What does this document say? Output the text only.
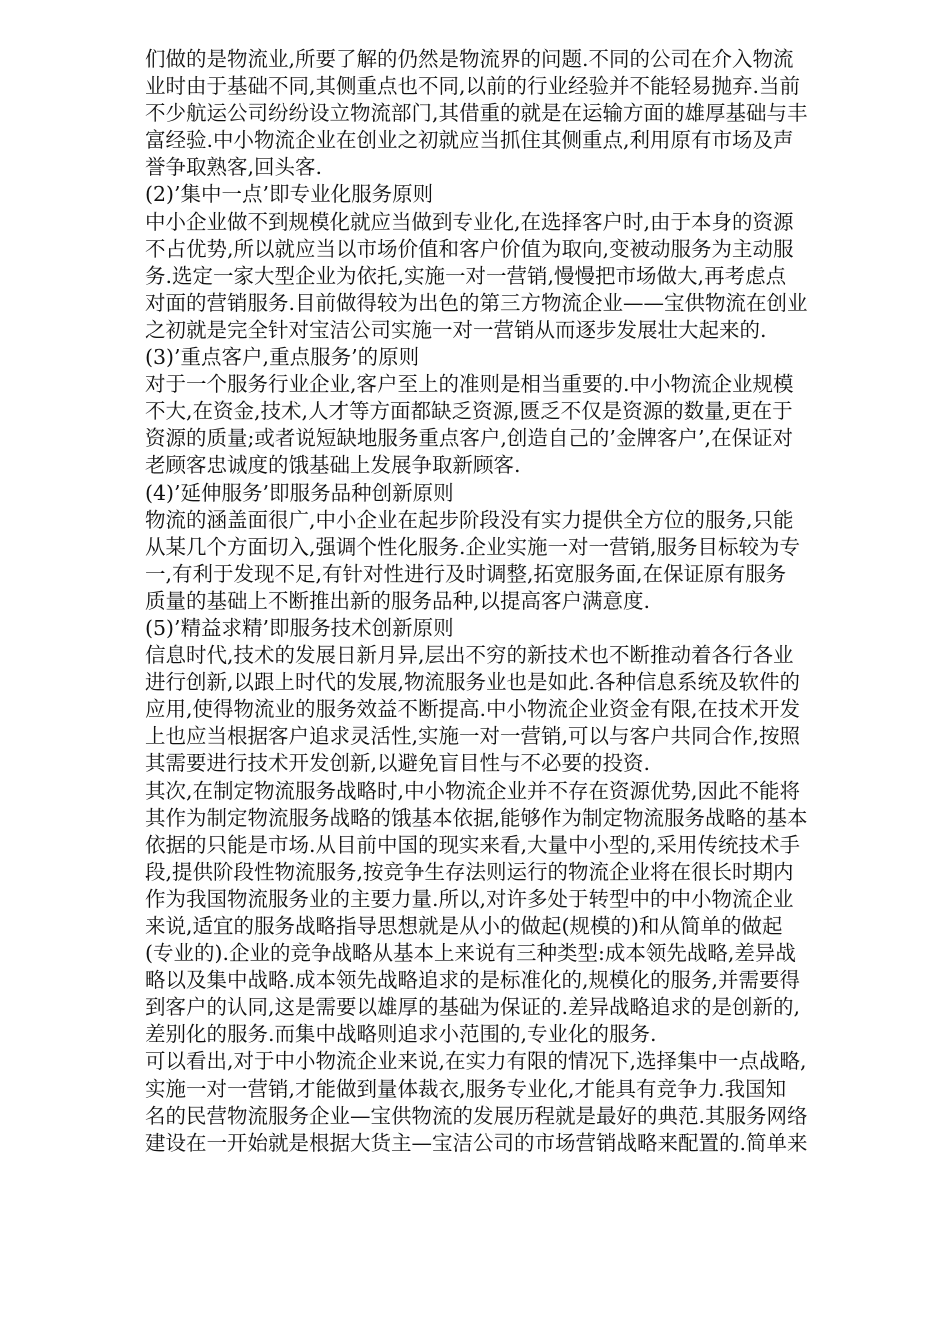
们做的是物流业,所要了解的仍然是物流界的问题.不同的公司在介入物流
业时由于基础不同,其侧重点也不同,以前的行业经验并不能轻易抛弃.当前
不少航运公司纷纷设立物流部门,其借重的就是在运输方面的雄厚基础与丰
富经验.中小物流企业在创业之初就应当抓住其侧重点,利用原有市场及声
誉争取熟客,回头客.
(2)’集中一点’即专业化服务原则
中小企业做不到规模化就应当做到专业化,在选择客户时,由于本身的资源
不占优势,所以就应当以市场价值和客户价值为取向,变被动服务为主动服
务.选定一家大型企业为依托,实施一对一营销,慢慢把市场做大,再考虑点
对面的营销服务.目前做得较为出色的第三方物流企业——宝供物流在创业
之初就是完全针对宝洁公司实施一对一营销从而逐步发展壮大起来的.
(3)’重点客户,重点服务’的原则
对于一个服务行业企业,客户至上的准则是相当重要的.中小物流企业规模
不大,在资金,技术,人才等方面都缺乏资源,匮乏不仅是资源的数量,更在于
资源的质量;或者说短缺地服务重点客户,创造自己的’金牌客户’,在保证对
老顾客忠诚度的饿基础上发展争取新顾客.
(4)’延伸服务’即服务品种创新原则
物流的涵盖面很广,中小企业在起步阶段没有实力提供全方位的服务,只能
从某几个方面切入,强调个性化服务.企业实施一对一营销,服务目标较为专
一,有利于发现不足,有针对性进行及时调整,拓宽服务面,在保证原有服务
质量的基础上不断推出新的服务品种,以提高客户满意度.
(5)’精益求精’即服务技术创新原则
信息时代,技术的发展日新月异,层出不穷的新技术也不断推动着各行各业
进行创新,以跟上时代的发展,物流服务业也是如此.各种信息系统及软件的
应用,使得物流业的服务效益不断提高.中小物流企业资金有限,在技术开发
上也应当根据客户追求灵活性,实施一对一营销,可以与客户共同合作,按照
其需要进行技术开发创新,以避免盲目性与不必要的投资.
其次,在制定物流服务战略时,中小物流企业并不存在资源优势,因此不能将
其作为制定物流服务战略的饿基本依据,能够作为制定物流服务战略的基本
依据的只能是市场.从目前中国的现实来看,大量中小型的,采用传统技术手
段,提供阶段性物流服务,按竞争生存法则运行的物流企业将在很长时期内
作为我国物流服务业的主要力量.所以,对许多处于转型中的中小物流企业
来说,适宜的服务战略指导思想就是从小的做起(规模的)和从简单的做起
(专业的).企业的竞争战略从基本上来说有三种类型:成本领先战略,差异战
略以及集中战略.成本领先战略追求的是标准化的,规模化的服务,并需要得
到客户的认同,这是需要以雄厚的基础为保证的.差异战略追求的是创新的,
差别化的服务.而集中战略则追求小范围的,专业化的服务.
可以看出,对于中小物流企业来说,在实力有限的情况下,选择集中一点战略,
实施一对一营销,才能做到量体裁衣,服务专业化,才能具有竞争力.我国知
名的民营物流服务企业—宝供物流的发展历程就是最好的典范.其服务网络
建设在一开始就是根据大货主—宝洁公司的市场营销战略来配置的.简单来
